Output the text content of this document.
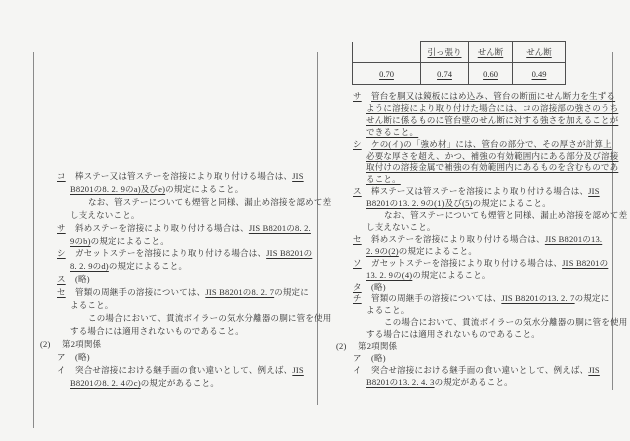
	引っ張り	せん断	せん断
0.70	0.74	0.60	0.49
コ 棒ステー又は管ステーを溶接により取り付ける場合は、JIS
B8201の8. 2. 9のa)及びe)の規定によること。
なお、管ステーについても煙管と同様、漏止め溶接を認めて差
し支えないこと。
サ 斜めステーを溶接により取り付ける場合は、JIS B8201の8. 2.
9のb)の規定によること。
シ ガセットステーを溶接により取り付ける場合は、JIS B8201の
8. 2. 9のd)の規定によること。
ス (略)
セ 管類の周継手の溶接については、JIS B8201の8. 2. 7の規定に
よること。
この場合において、貫流ボイラーの気水分離器の胴に管を使用
する場合には適用されないものであること。
(2) 第2項関係
ア (略)
イ 突合せ溶接における継手面の食い違いとして、例えば、JIS
B8201の8. 2. 4のc)の規定があること。
サ 管台を胴又は鏡板にはめ込み、管台の断面にせん断力を生ずる
ように溶接により取り付けた場合には、コの溶接部の強さのうち
せん断に係るものに管台壁のせん断に対する強さを加えることが
できること。
シ ケの(イ)の「強め材」には、管台の部分で、その厚さが計算上
必要な厚さを超え、かつ、補強の有効範囲内にある部分及び溶接
取付けの溶接金属で補強の有効範囲内にあるものを含むものであ
ること。
ス 棒ステー又は管ステーを溶接により取り付ける場合は、JIS
B8201の13. 2. 9の(1)及び(5)の規定によること。
なお、管ステーについても煙管と同様、漏止め溶接を認めて差
し支えないこと。
セ 斜めステーを溶接により取り付ける場合は、JIS B8201の13.
2. 9の(2)の規定によること。
ソ ガセットステーを溶接により取り付ける場合は、JIS B8201の
13. 2. 9の(4)の規定によること。
タ (略)
チ 管類の周継手の溶接については、JIS B8201の13. 2. 7の規定に
よること。
この場合において、貫流ボイラーの気水分離器の胴に管を使用
する場合には適用されないものであること。
(2) 第2項関係
ア (略)
イ 突合せ溶接における継手面の食い違いとして、例えば、JIS
B8201の13. 2. 4. 3の規定があること。
